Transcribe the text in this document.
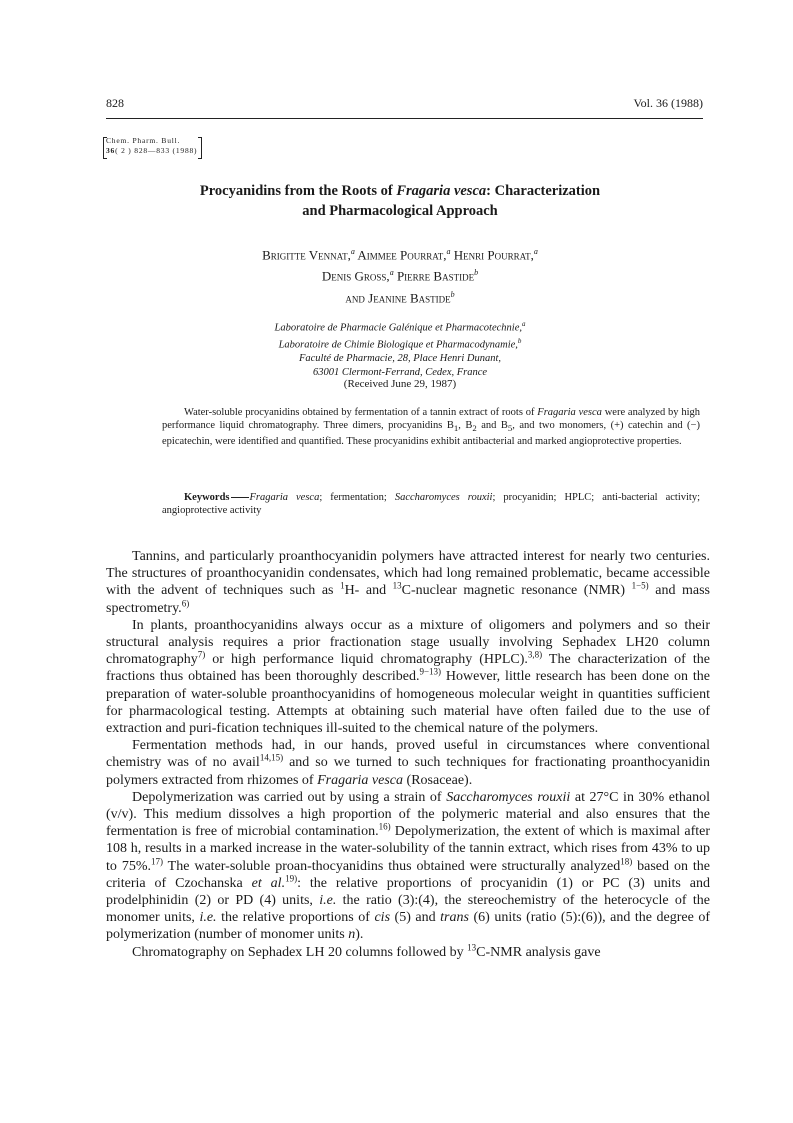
828	Vol. 36 (1988)
Chem. Pharm. Bull.
36( 2 ) 828—833 (1988)
Procyanidins from the Roots of Fragaria vesca: Characterization
and Pharmacological Approach
Brigitte Vennat,$^a$ Aimmee Pourrat,$^a$ Henri Pourrat,$^a$
Denis Gross,$^a$ Pierre Bastide$^b$
and Jeanine Bastide$^b$
Laboratoire de Pharmacie Galénique et Pharmacotechnie,$^a$
Laboratoire de Chimie Biologique et Pharmacodynamie,$^b$
Faculté de Pharmacie, 28, Place Henri Dunant,
63001 Clermont-Ferrand, Cedex, France
(Received June 29, 1987)

Water-soluble procyanidins obtained by fermentation of a tannin extract of roots of Fragaria vesca were analyzed by high performance liquid chromatography. Three dimers, procyanidins $B_1$, $B_2$ and $B_5$, and two monomers, (+) catechin and (−) epicatechin, were identified and quantified. These procyanidins exhibit antibacterial and marked angioprotective properties.

Keywords Fragaria vesca; fermentation; Saccharomyces rouxii; procyanidin; HPLC; anti-bacterial activity; angioprotective activity

Tannins, and particularly proanthocyanidin polymers have attracted interest for nearly two centuries. The structures of proanthocyanidin condensates, which had long remained problematic, became accessible with the advent of techniques such as $^1$H- and $^{13}$C-nuclear magnetic resonance (NMR) $^{1-5)}$ and mass spectrometry.$^{6)}$

In plants, proanthocyanidins always occur as a mixture of oligomers and polymers and so their structural analysis requires a prior fractionation stage usually involving Sephadex LH20 column chromatography$^{7)}$ or high performance liquid chromatography (HPLC).$^{3,8)}$ The characterization of the fractions thus obtained has been thoroughly described.$^{9-13)}$ However, little research has been done on the preparation of water-soluble proanthocyanidins of homogeneous molecular weight in quantities sufficient for pharmacological testing. Attempts at obtaining such material have often failed due to the use of extraction and puri-fication techniques ill-suited to the chemical nature of the polymers.

Fermentation methods had, in our hands, proved useful in circumstances where conventional chemistry was of no avail$^{14,15)}$ and so we turned to such techniques for fractionating proanthocyanidin polymers extracted from rhizomes of Fragaria vesca (Rosaceae).

Depolymerization was carried out by using a strain of Saccharomyces rouxii at 27°C in 30% ethanol (v/v). This medium dissolves a high proportion of the polymeric material and also ensures that the fermentation is free of microbial contamination.$^{16)}$ Depolymerization, the extent of which is maximal after 108 h, results in a marked increase in the water-solubility of the tannin extract, which rises from 43% to up to 75%.$^{17)}$ The water-soluble proan-thocyanidins thus obtained were structurally analyzed$^{18)}$ based on the criteria of Czochanska et al.$^{19)}$: the relative proportions of procyanidin (1) or PC (3) units and prodelphinidin (2) or PD (4) units, i.e. the ratio (3):(4), the stereochemistry of the heterocycle of the monomer units, i.e. the relative proportions of cis (5) and trans (6) units (ratio (5):(6)), and the degree of polymerization (number of monomer units n).

Chromatography on Sephadex LH 20 columns followed by $^{13}$C-NMR analysis gave
